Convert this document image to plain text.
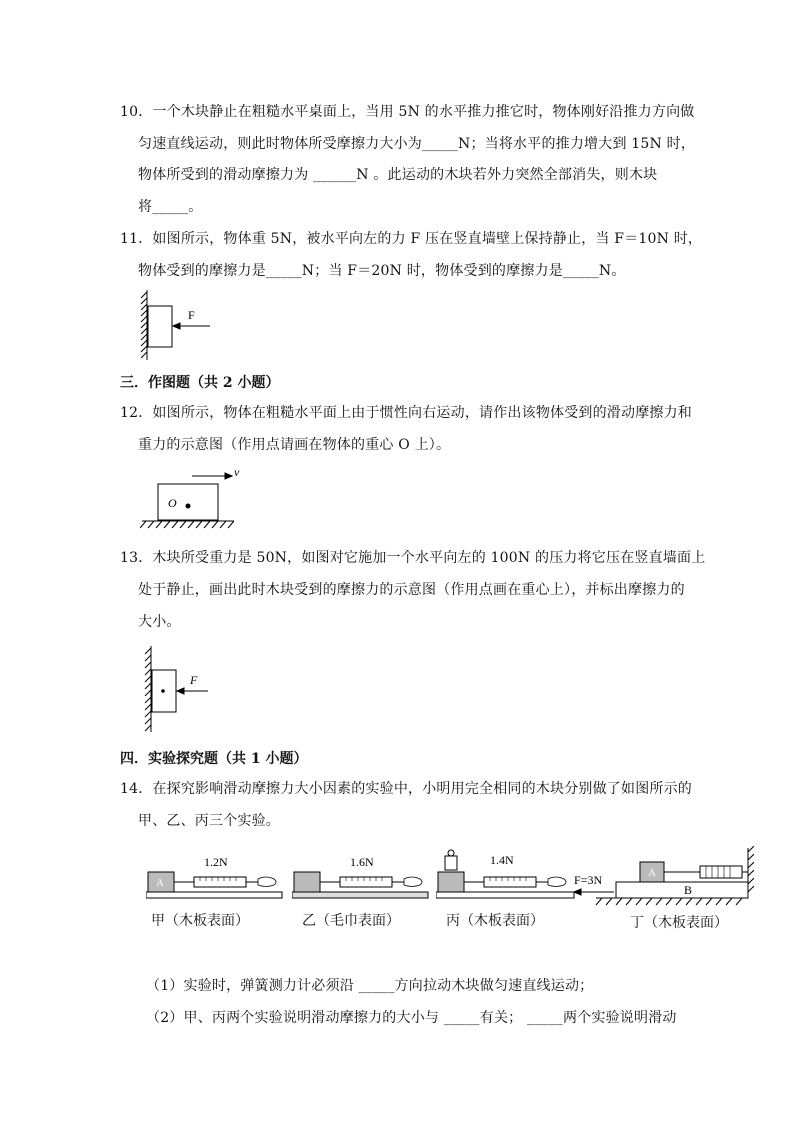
10．一个木块静止在粗糙水平桌面上，当用 5N 的水平推力推它时，物体刚好沿推力方向做
匀速直线运动，则此时物体所受摩擦力大小为_____N；当将水平的推力增大到 15N 时，
物体所受到的滑动摩擦力为 ______N 。此运动的木块若外力突然全部消失，则木块
将_____。
11．如图所示，物体重 5N，被水平向左的力 F 压在竖直墙壁上保持静止，当 F＝10N 时，
物体受到的摩擦力是_____N；当 F＝20N 时，物体受到的摩擦力是_____N。
F
三．作图题（共 2 小题）
12．如图所示，物体在粗糙水平面上由于惯性向右运动，请作出该物体受到的滑动摩擦力和
重力的示意图（作用点请画在物体的重心 O 上）。
v
O
13．木块所受重力是 50N，如图对它施加一个水平向左的 100N 的压力将它压在竖直墙面上
处于静止，画出此时木块受到的摩擦力的示意图（作用点画在重心上），并标出摩擦力的
大小。
F
四．实验探究题（共 1 小题）
14．在探究影响滑动摩擦力大小因素的实验中，小明用完全相同的木块分别做了如图所示的
甲、乙、丙三个实验。
1.2N
A
甲（木板表面）
1.6N
乙（毛巾表面）
1.4N
丙（木板表面）
F=3N	A
B
丁（木板表面）
（1）实验时，弹簧测力计必须沿 _____方向拉动木块做匀速直线运动；
（2）甲、丙两个实验说明滑动摩擦力的大小与 _____有关； _____两个实验说明滑动
